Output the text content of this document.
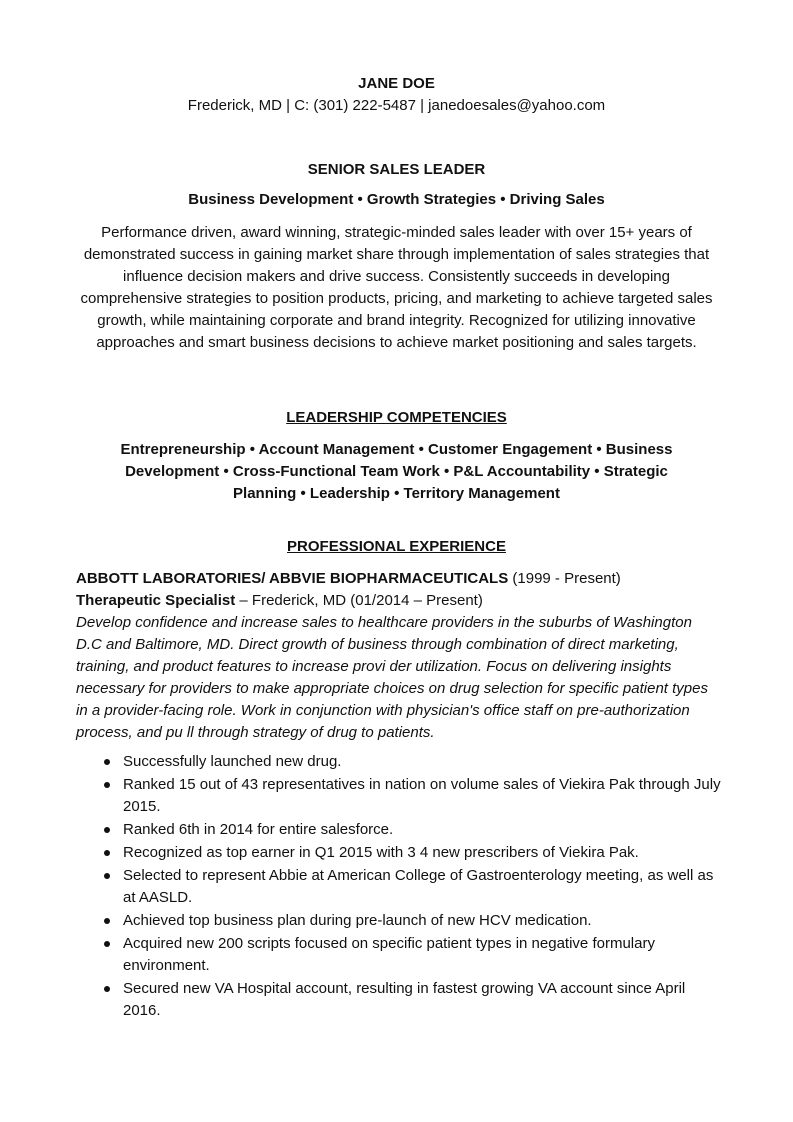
JANE DOE
Frederick, MD | C: (301) 222-5487 | janedoesales@yahoo.com
SENIOR SALES LEADER
Business Development • Growth Strategies • Driving Sales
Performance driven, award winning, strategic-minded sales leader with over 15+ years of demonstrated success in gaining market share through implementation of sales strategies that influence decision makers and drive success. Consistently succeeds in developing comprehensive strategies to position products, pricing, and marketing to achieve targeted sales growth, while maintaining corporate and brand integrity. Recognized for utilizing innovative approaches and smart business decisions to achieve market positioning and sales targets.
LEADERSHIP COMPETENCIES
Entrepreneurship • Account Management • Customer Engagement • Business Development • Cross-Functional Team Work • P&L Accountability • Strategic Planning • Leadership • Territory Management
PROFESSIONAL EXPERIENCE
ABBOTT LABORATORIES/ ABBVIE BIOPHARMACEUTICALS (1999 - Present)
Therapeutic Specialist – Frederick, MD (01/2014 – Present)
Develop confidence and increase sales to healthcare providers in the suburbs of Washington D.C and Baltimore, MD. Direct growth of business through combination of direct marketing, training, and product features to increase provi der utilization. Focus on delivering insights necessary for providers to make appropriate choices on drug selection for specific patient types in a provider-facing role. Work in conjunction with physician's office staff on pre-authorization process, and pu ll through strategy of drug to patients.
Successfully launched new drug.
Ranked 15 out of 43 representatives in nation on volume sales of Viekira Pak through July 2015.
Ranked 6th in 2014 for entire salesforce.
Recognized as top earner in Q1 2015 with 3 4 new prescribers of Viekira Pak.
Selected to represent Abbie at American College of Gastroenterology meeting, as well as at AASLD.
Achieved top business plan during pre-launch of new HCV medication.
Acquired new 200 scripts focused on specific patient types in negative formulary environment.
Secured new VA Hospital account, resulting in fastest growing VA account since April 2016.
